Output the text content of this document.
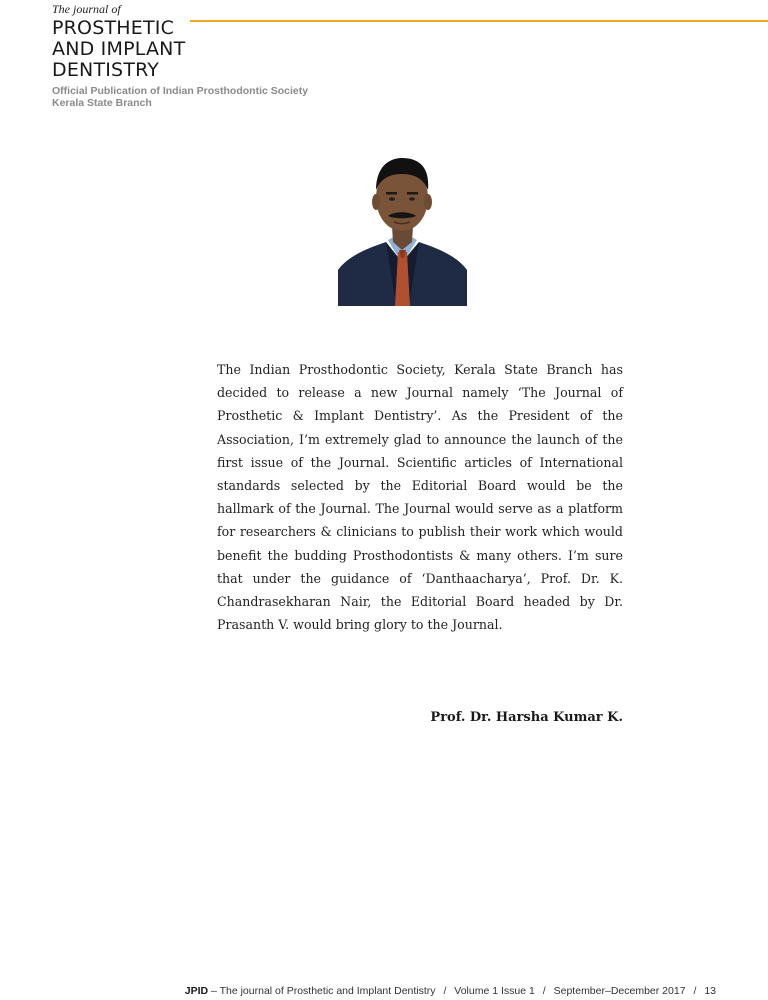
The journal of

PROSTHETIC
AND IMPLANT
DENTISTRY
Official Publication of Indian Prosthodontic Society
Kerala State Branch

The Indian Prosthodontic Society, Kerala State Branch has decided to release a new Journal namely ‘The Journal of Prosthetic & Implant Dentistry’. As the President of the Association, I’m extremely glad to announce the launch of the first issue of the Journal. Scientific articles of International standards selected by the Editorial Board would be the hallmark of the Journal. The Journal would serve as a platform for researchers & clinicians to publish their work which would benefit the budding Prosthodontists & many others. I’m sure that under the guidance of ‘Danthaacharya’, Prof. Dr. K. Chandrasekharan Nair, the Editorial Board headed by Dr. Prasanth V. would bring glory to the Journal.

Prof. Dr. Harsha Kumar K.
JPID – The journal of Prosthetic and Implant Dentistry / Volume 1 Issue 1 / September–December 2017 / 13
